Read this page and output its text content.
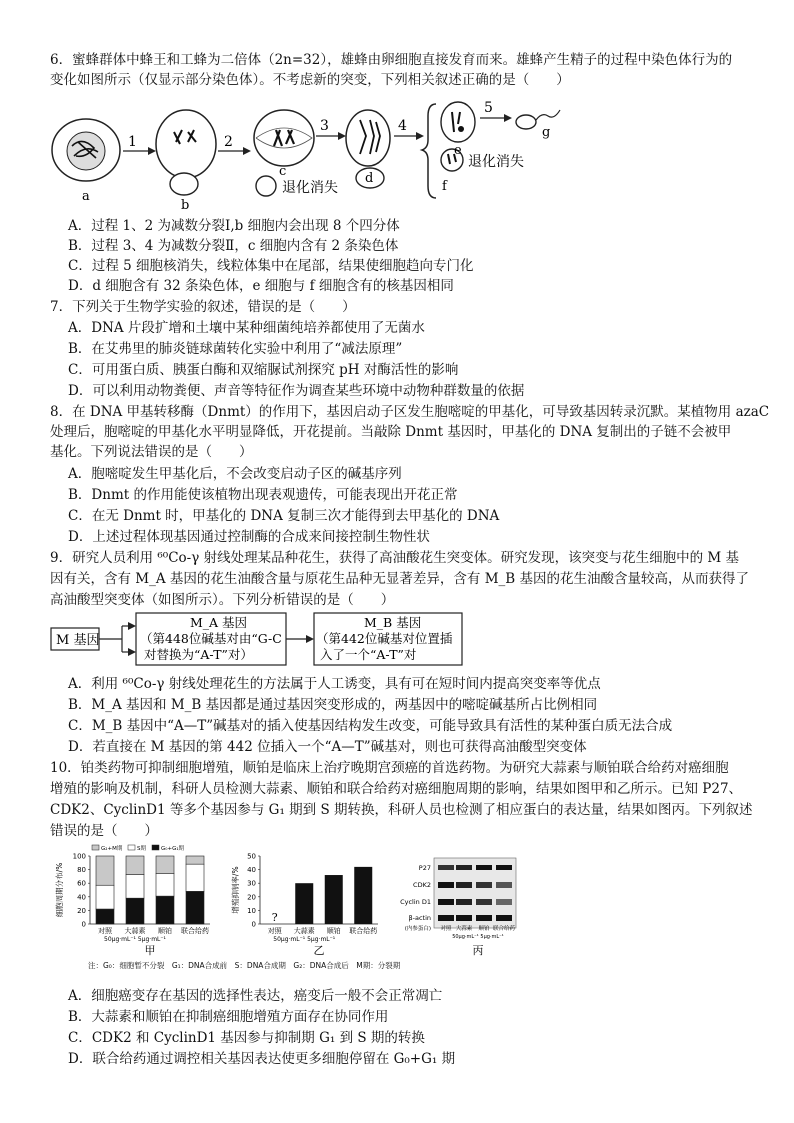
6．蜜蜂群体中蜂王和工蜂为二倍体（2n=32），雄蜂由卵细胞直接发育而来。雄蜂产生精子的过程中染色体行为的
变化如图所示（仅显示部分染色体）。不考虑新的突变，下列相关叙述正确的是（　　）
1	2
3	4
5
退化消失
退化消失
a
b
c	d
e
f
g
A．过程 1、2 为减数分裂Ⅰ,b 细胞内会出现 8 个四分体
B．过程 3、4 为减数分裂Ⅱ，c 细胞内含有 2 条染色体
C．过程 5 细胞核消失，线粒体集中在尾部，结果使细胞趋向专门化
D．d 细胞含有 32 条染色体，e 细胞与 f 细胞含有的核基因相同
7．下列关于生物学实验的叙述，错误的是（　　）
A．DNA 片段扩增和土壤中某种细菌纯培养都使用了无菌水
B．在艾弗里的肺炎链球菌转化实验中利用了“减法原理”
C．可用蛋白质、胰蛋白酶和双缩脲试剂探究 pH 对酶活性的影响
D．可以利用动物粪便、声音等特征作为调查某些环境中动物种群数量的依据
8．在 DNA 甲基转移酶（Dnmt）的作用下，基因启动子区发生胞嘧啶的甲基化，可导致基因转录沉默。某植物用 azaC
处理后，胞嘧啶的甲基化水平明显降低，开花提前。当敲除 Dnmt 基因时，甲基化的 DNA 复制出的子链不会被甲
基化。下列说法错误的是（　　）
A．胞嘧啶发生甲基化后，不会改变启动子区的碱基序列
B．Dnmt 的作用能使该植物出现表观遗传，可能表现出开花正常
C．在无 Dnmt 时，甲基化的 DNA 复制三次才能得到去甲基化的 DNA
D．上述过程体现基因通过控制酶的合成来间接控制生物性状
9．研究人员利用 ⁶⁰Co-γ 射线处理某品种花生，获得了高油酸花生突变体。研究发现，该突变与花生细胞中的 M 基
因有关，含有 M_A 基因的花生油酸含量与原花生品种无显著差异，含有 M_B 基因的花生油酸含量较高，从而获得了
高油酸型突变体（如图所示）。下列分析错误的是（　　）
M 基因
M_A 基因
（第448位碱基对由“G-C
对替换为“A-T”对）
M_B 基因
（第442位碱基对位置插
入了一个“A-T”对
A．利用 ⁶⁰Co-γ 射线处理花生的方法属于人工诱变，具有可在短时间内提高突变率等优点
B．M_A 基因和 M_B 基因都是通过基因突变形成的，两基因中的嘧啶碱基所占比例相同
C．M_B 基因中“A—T”碱基对的插入使基因结构发生改变，可能导致具有活性的某种蛋白质无法合成
D．若直接在 M 基因的第 442 位插入一个“A—T”碱基对，则也可获得高油酸型突变体
10．铂类药物可抑制细胞增殖，顺铂是临床上治疗晚期宫颈癌的首选药物。为研究大蒜素与顺铂联合给药对癌细胞
增殖的影响及机制，科研人员检测大蒜素、顺铂和联合给药对癌细胞周期的影响，结果如图甲和乙所示。已知 P27、
CDK2、CyclinD1 等多个基因参与 G₁ 期到 S 期转换，科研人员也检测了相应蛋白的表达量，结果如图丙。下列叙述
错误的是（　　）
0
20
40
60
80
100
细胞周期分布/%
对照 大蒜素 顺铂 联合给药
50μg·mL⁻¹ 5μg·mL⁻¹
甲
G₂+M期	S期	G₀+G₁期
0
10
20
30
40
50
增殖抑制率/%
?
对照 大蒜素 顺铂 联合给药
50μg·mL⁻¹ 5μg·mL⁻¹
乙
P27
CDK2
Cyclin D1
β-actin
(内参蛋白) 对照 大蒜素 顺铂 联合给药
50μg·mL⁻¹ 5μg·mL⁻¹
丙
注：G₀：细胞暂不分裂　G₁：DNA合成前　S：DNA合成期　G₂：DNA合成后　M期：分裂期
A．细胞癌变存在基因的选择性表达，癌变后一般不会正常凋亡
B．大蒜素和顺铂在抑制癌细胞增殖方面存在协同作用
C．CDK2 和 CyclinD1 基因参与抑制期 G₁ 到 S 期的转换
D．联合给药通过调控相关基因表达使更多细胞停留在 G₀+G₁ 期
